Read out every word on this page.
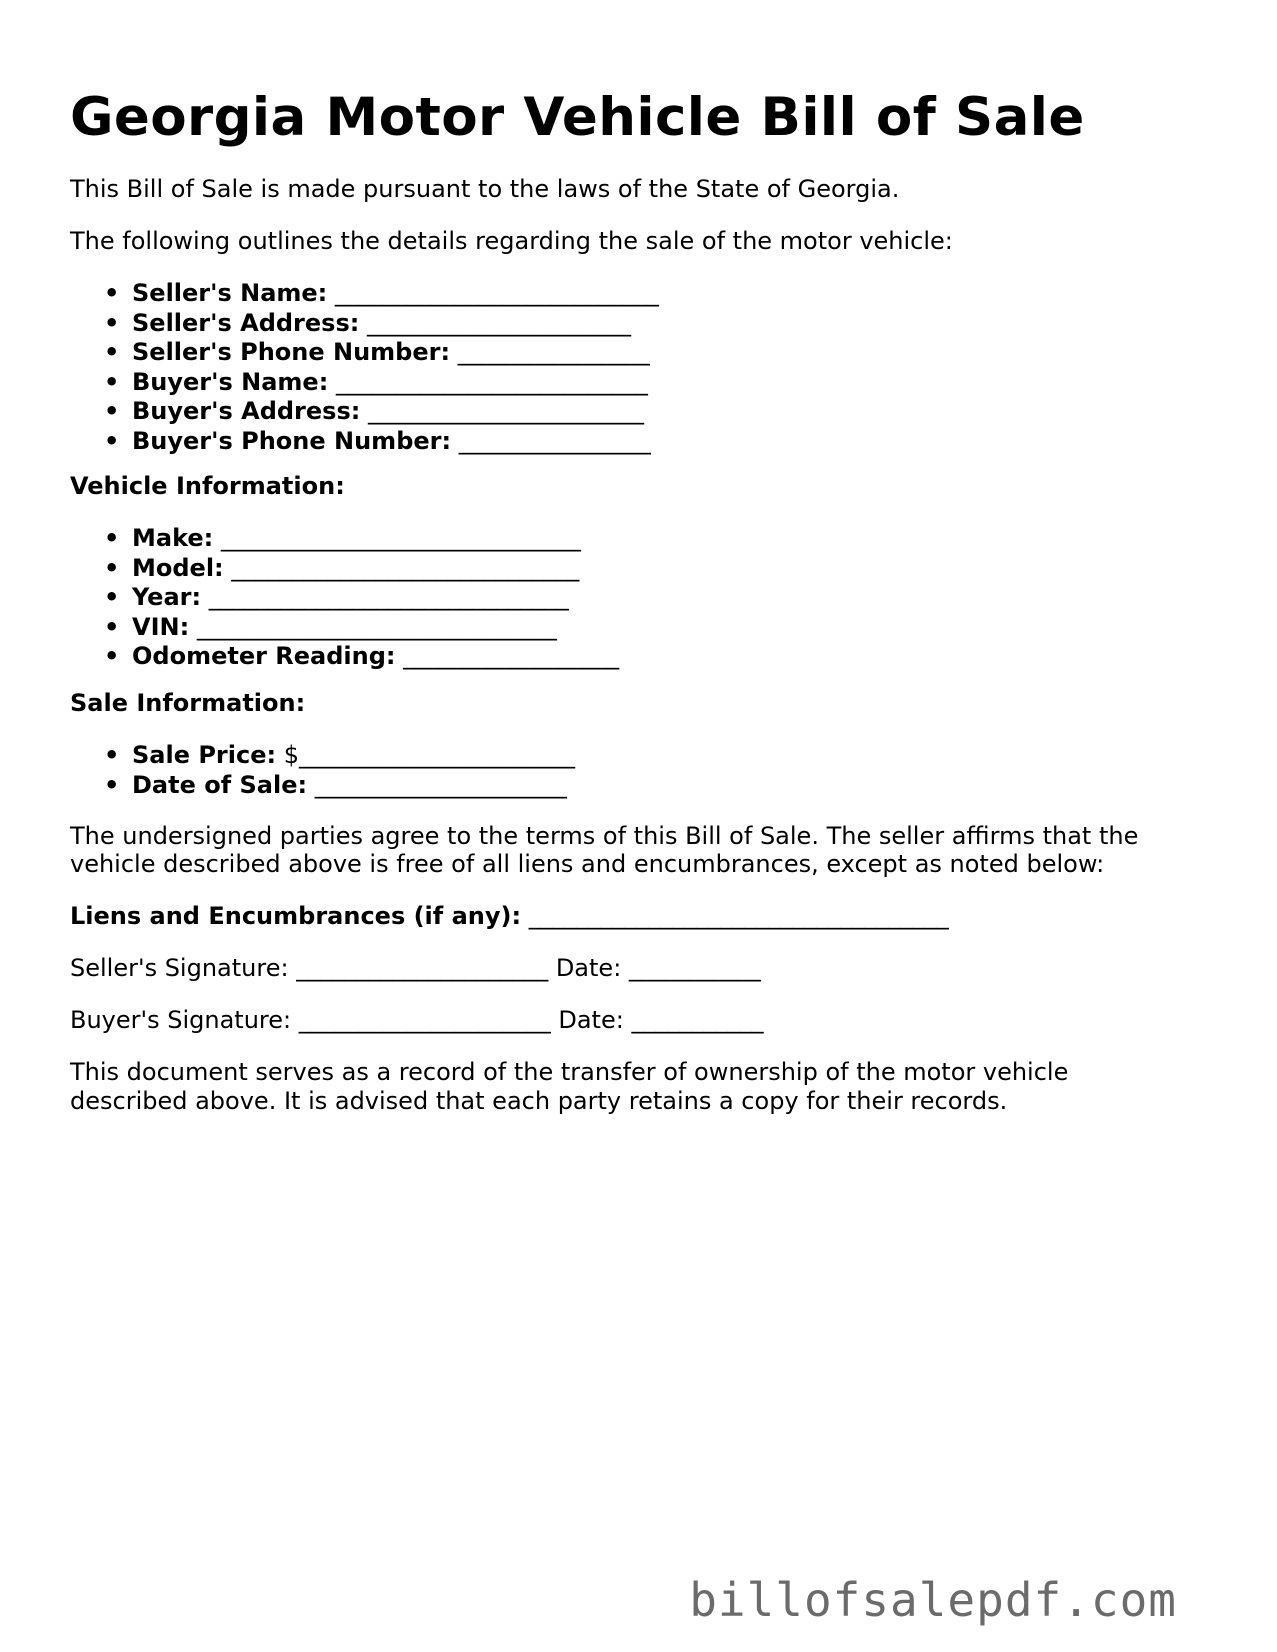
Georgia Motor Vehicle Bill of Sale

This Bill of Sale is made pursuant to the laws of the State of Georgia.

The following outlines the details regarding the sale of the motor vehicle:

• Seller's Name: ___________________________
• Seller's Address: ______________________
• Seller's Phone Number: ________________
• Buyer's Name: __________________________
• Buyer's Address: _______________________
• Buyer's Phone Number: ________________

Vehicle Information:

• Make: ______________________________
• Model: _____________________________
• Year: ______________________________
• VIN: ______________________________
• Odometer Reading: __________________

Sale Information:

• Sale Price: $_______________________
• Date of Sale: _____________________

The undersigned parties agree to the terms of this Bill of Sale. The seller affirms that the

vehicle described above is free of all liens and encumbrances, except as noted below:

Liens and Encumbrances (if any): ___________________________________
Seller's Signature: _____________________ Date: ___________
Buyer's Signature: _____________________ Date: ___________

This document serves as a record of the transfer of ownership of the motor vehicle

described above. It is advised that each party retains a copy for their records.

billofsalepdf.com
